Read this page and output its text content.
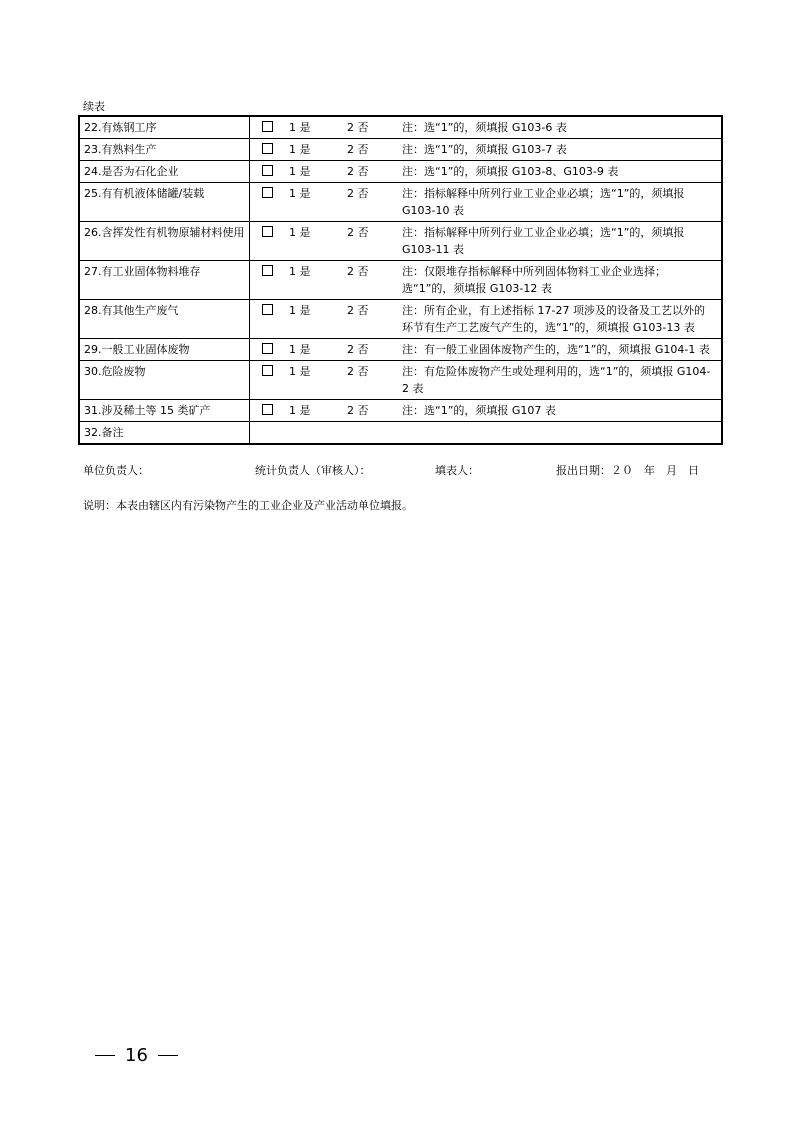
续表
22.有炼钢工序	1 是 2 否 注：选“1”的，须填报 G103-6 表

23.有熟料生产	1 是 2 否 注：选“1”的，须填报 G103-7 表

24.是否为石化企业	1 是 2 否 注：选“1”的，须填报 G103-8、G103-9 表

25.有有机液体储罐/装载	1 是 2 否 注：指标解释中所列行业工业企业必填；选“1”的，须填报 G103-10 表

26.含挥发性有机物原辅材料使用	1 是 2 否 注：指标解释中所列行业工业企业必填；选“1”的，须填报 G103-11 表

27.有工业固体物料堆存	1 是 2 否 注：仅限堆存指标解释中所列固体物料工业企业选择；选“1”的，须填报 G103-12 表

28.有其他生产废气	1 是 2 否 注：所有企业，有上述指标 17-27 项涉及的设备及工艺以外的环节有生产工艺废气产生的，选“1”的，须填报 G103-13 表

29.一般工业固体废物	1 是 2 否 注：有一般工业固体废物产生的，选“1”的，须填报 G104-1 表

30.危险废物	1 是 2 否 注：有危险体废物产生或处理利用的，选“1”的，须填报 G104-2 表

31.涉及稀土等 15 类矿产	1 是 2 否 注：选“1”的，须填报 G107 表

32.备注	
单位负责人：	统计负责人（审核人）：	填表人：	报出日期：２０　年　月　日
说明：本表由辖区内有污染物产生的工业企业及产业活动单位填报。
16
